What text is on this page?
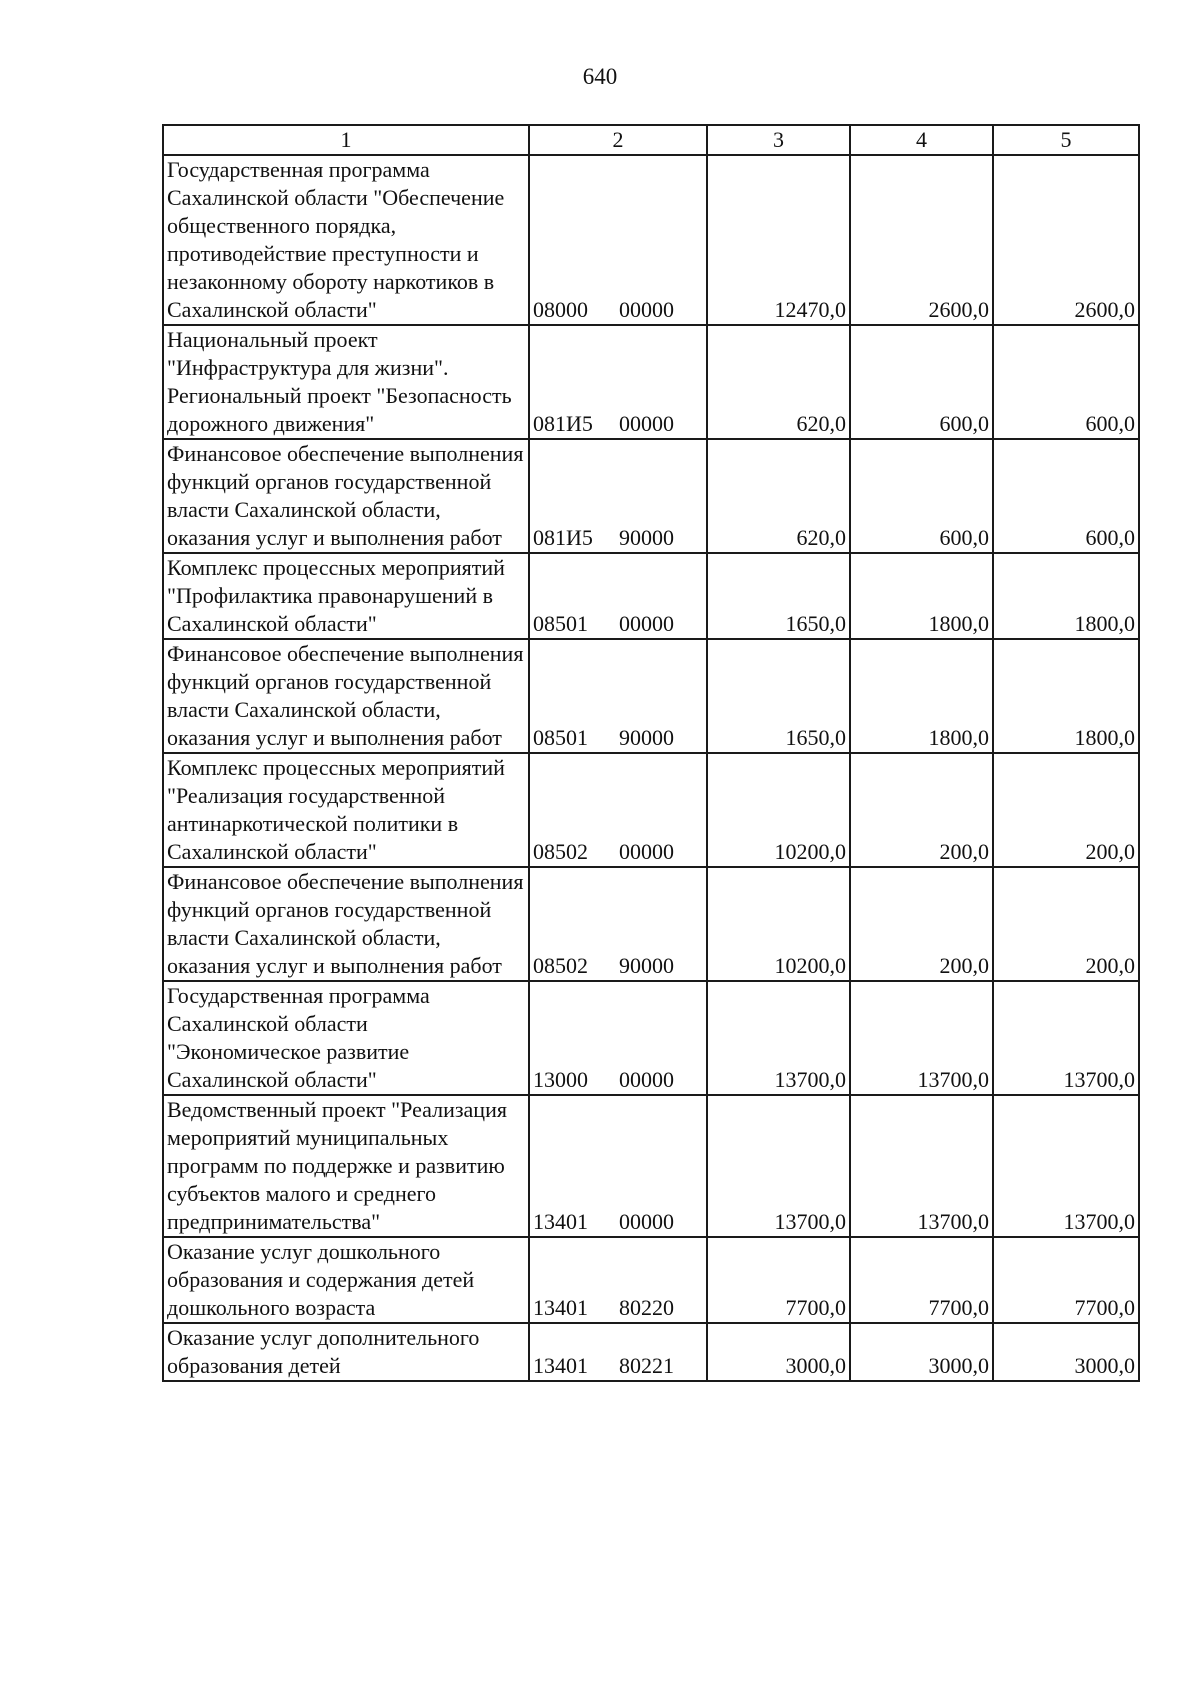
640
1	2	3	4	5
Государственная программа Сахалинской области "Обеспечение общественного порядка, противодействие преступности и незаконному обороту наркотиков в Сахалинской области"	08000 00000	12470,0	2600,0	2600,0
Национальный проект "Инфраструктура для жизни". Региональный проект "Безопасность дорожного движения"	081И5 00000	620,0	600,0	600,0
Финансовое обеспечение выполнения функций органов государственной власти Сахалинской области, оказания услуг и выполнения работ	081И5 90000	620,0	600,0	600,0
Комплекс процессных мероприятий "Профилактика правонарушений в Сахалинской области"	08501 00000	1650,0	1800,0	1800,0
Финансовое обеспечение выполнения функций органов государственной власти Сахалинской области, оказания услуг и выполнения работ	08501 90000	1650,0	1800,0	1800,0
Комплекс процессных мероприятий "Реализация государственной антинаркотической политики в Сахалинской области"	08502 00000	10200,0	200,0	200,0
Финансовое обеспечение выполнения функций органов государственной власти Сахалинской области, оказания услуг и выполнения работ	08502 90000	10200,0	200,0	200,0
Государственная программа Сахалинской области "Экономическое развитие Сахалинской области"	13000 00000	13700,0	13700,0	13700,0
Ведомственный проект "Реализация мероприятий муниципальных программ по поддержке и развитию субъектов малого и среднего предпринимательства"	13401 00000	13700,0	13700,0	13700,0
Оказание услуг дошкольного образования и содержания детей дошкольного возраста	13401 80220	7700,0	7700,0	7700,0
Оказание услуг дополнительного образования детей	13401 80221	3000,0	3000,0	3000,0
